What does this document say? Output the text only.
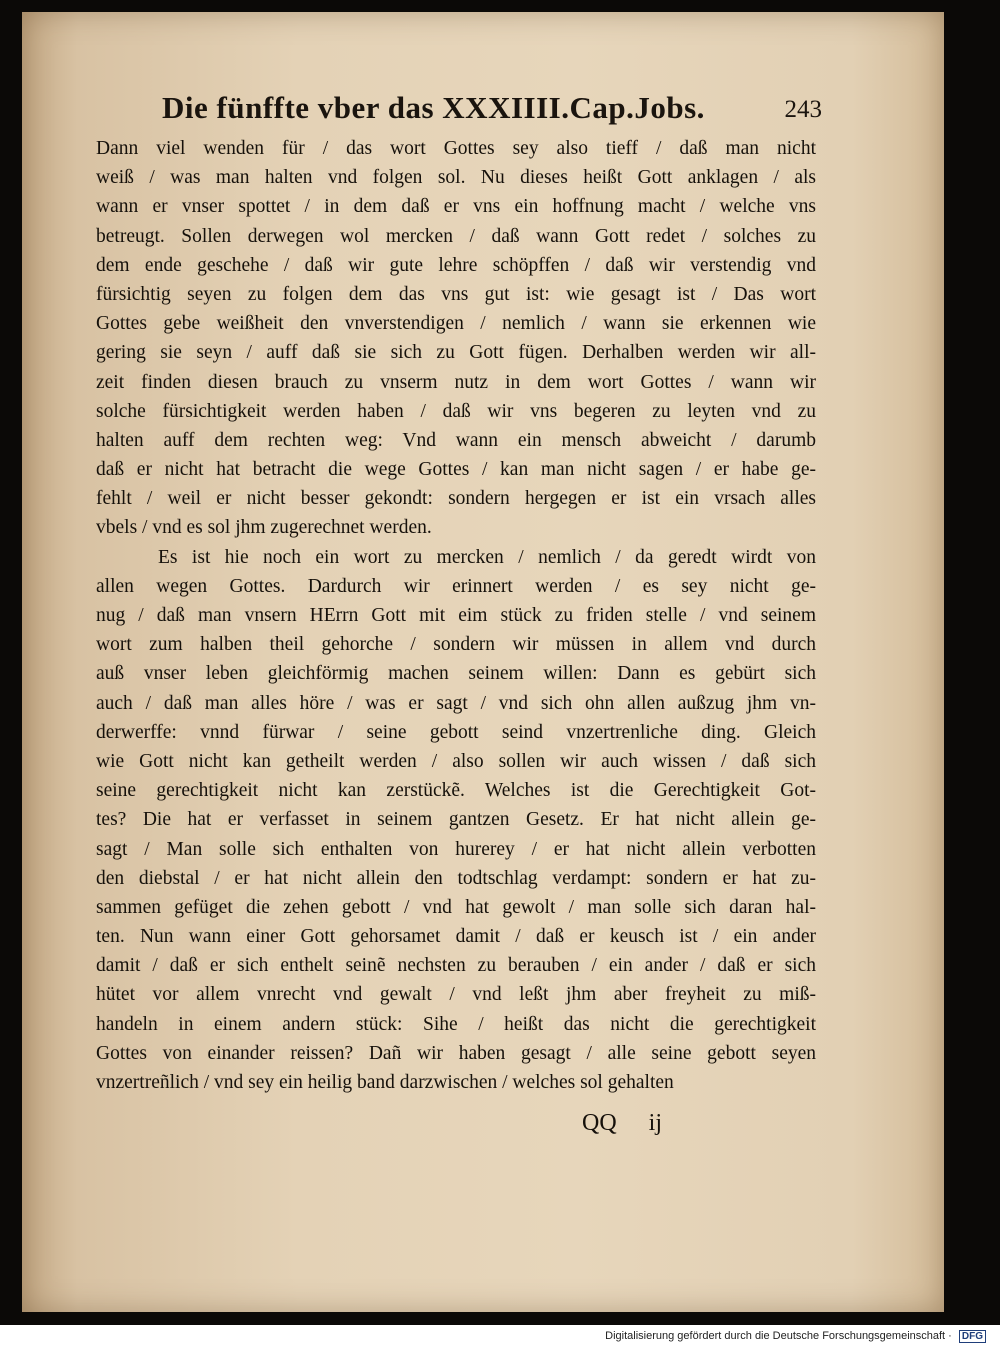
Die fünffte vber das XXXIIII.Cap.Jobs.	243
Dann viel wenden für / das wort Gottes sey also tieff / daß man nicht
weiß / was man halten vnd folgen sol. Nu dieses heißt Gott anklagen / als
wann er vnser spottet / in dem daß er vns ein hoffnung macht / welche vns
betreugt. Sollen derwegen wol mercken / daß wann Gott redet / solches zu
dem ende geschehe / daß wir gute lehre schöpffen / daß wir verstendig vnd
fürsichtig seyen zu folgen dem das vns gut ist: wie gesagt ist / Das wort
Gottes gebe weißheit den vnverstendigen / nemlich / wann sie erkennen wie
gering sie seyn / auff daß sie sich zu Gott fügen. Derhalben werden wir all-
zeit finden diesen brauch zu vnserm nutz in dem wort Gottes / wann wir
solche fürsichtigkeit werden haben / daß wir vns begeren zu leyten vnd zu
halten auff dem rechten weg: Vnd wann ein mensch abweicht / darumb
daß er nicht hat betracht die wege Gottes / kan man nicht sagen / er habe ge-
fehlt / weil er nicht besser gekondt: sondern hergegen er ist ein vrsach alles
vbels / vnd es sol jhm zugerechnet werden.
Es ist hie noch ein wort zu mercken / nemlich / da geredt wirdt von
allen wegen Gottes. Dardurch wir erinnert werden / es sey nicht ge-
nug / daß man vnsern HErrn Gott mit eim stück zu friden stelle / vnd seinem
wort zum halben theil gehorche / sondern wir müssen in allem vnd durch
auß vnser leben gleichförmig machen seinem willen: Dann es gebürt sich
auch / daß man alles höre / was er sagt / vnd sich ohn allen außzug jhm vn-
derwerffe: vnnd fürwar / seine gebott seind vnzertrenliche ding. Gleich
wie Gott nicht kan getheilt werden / also sollen wir auch wissen / daß sich
seine gerechtigkeit nicht kan zerstückẽ. Welches ist die Gerechtigkeit Got-
tes? Die hat er verfasset in seinem gantzen Gesetz. Er hat nicht allein ge-
sagt / Man solle sich enthalten von hurerey / er hat nicht allein verbotten
den diebstal / er hat nicht allein den todtschlag verdampt: sondern er hat zu-
sammen gefüget die zehen gebott / vnd hat gewolt / man solle sich daran hal-
ten. Nun wann einer Gott gehorsamet damit / daß er keusch ist / ein ander
damit / daß er sich enthelt seinẽ nechsten zu berauben / ein ander / daß er sich
hütet vor allem vnrecht vnd gewalt / vnd leßt jhm aber freyheit zu miß-
handeln in einem andern stück: Sihe / heißt das nicht die gerechtigkeit
Gottes von einander reissen? Dañ wir haben gesagt / alle seine gebott seyen
vnzertreñlich / vnd sey ein heilig band darzwischen / welches sol gehalten
QQ ij
Digitalisierung gefördert durch die Deutsche Forschungsgemeinschaft · DFG
